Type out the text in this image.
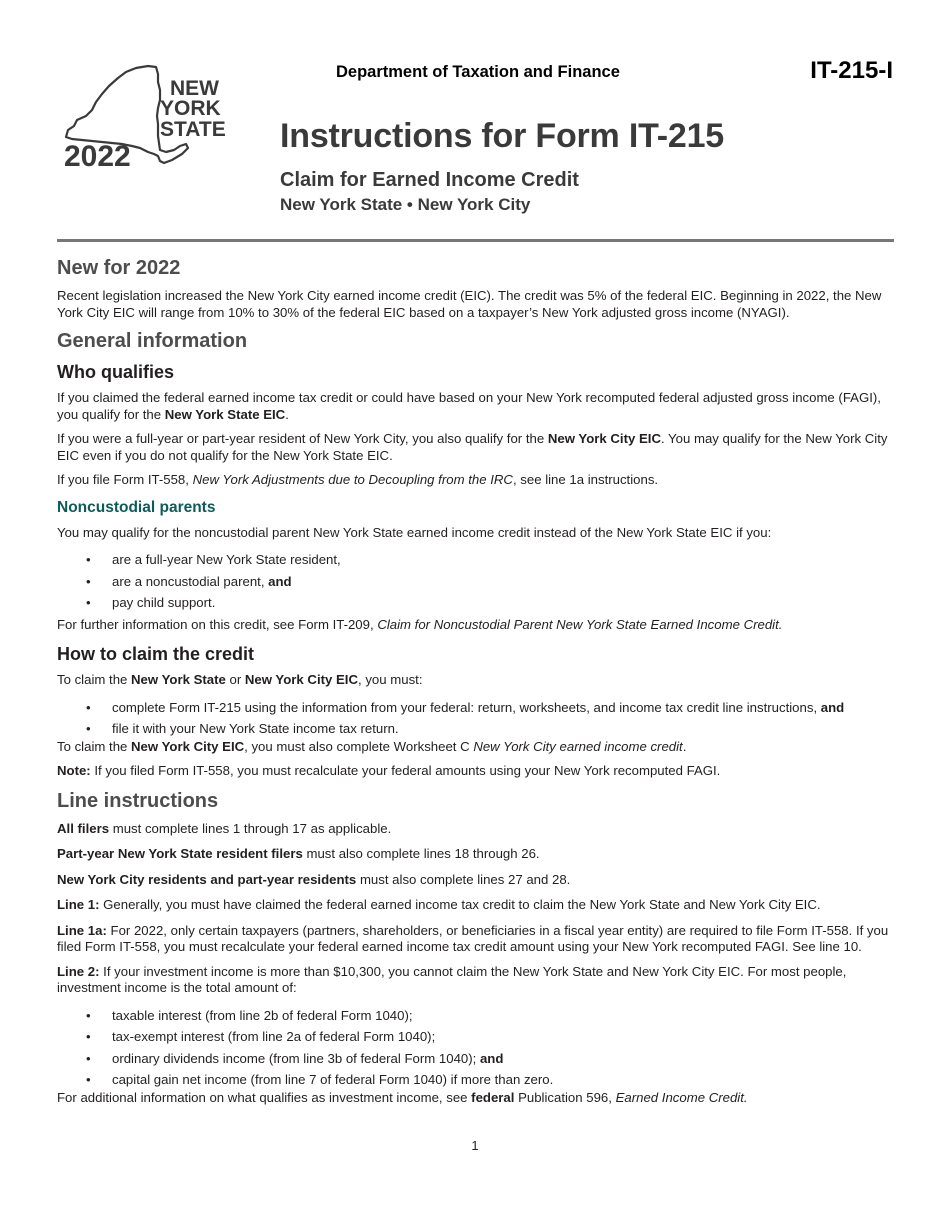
NEW
YORK
STATE
2022
Department of Taxation and Finance	IT-215-I
Instructions for Form IT-215
Claim for Earned Income Credit
New York State • New York City
New for 2022

Recent legislation increased the New York City earned income credit (EIC). The credit was 5% of the federal EIC. Beginning in 2022, the New York City EIC will range from 10% to 30% of the federal EIC based on a taxpayer’s New York adjusted gross income (NYAGI).

General information
Who qualifies

If you claimed the federal earned income tax credit or could have based on your New York recomputed federal adjusted gross income (FAGI), you qualify for the New York State EIC.

If you were a full-year or part-year resident of New York City, you also qualify for the New York City EIC. You may qualify for the New York City EIC even if you do not qualify for the New York State EIC.

If you file Form IT-558, New York Adjustments due to Decoupling from the IRC, see line 1a instructions.

Noncustodial parents

You may qualify for the noncustodial parent New York State earned income credit instead of the New York State EIC if you:

• are a full-year New York State resident,
• are a noncustodial parent, and
• pay child support.

For further information on this credit, see Form IT-209, Claim for Noncustodial Parent New York State Earned Income Credit.

How to claim the credit

To claim the New York State or New York City EIC, you must:

• complete Form IT-215 using the information from your federal: return, worksheets, and income tax credit line instructions, and
• file it with your New York State income tax return.

To claim the New York City EIC, you must also complete Worksheet C New York City earned income credit.

Note: If you filed Form IT-558, you must recalculate your federal amounts using your New York recomputed FAGI.

Line instructions

All filers must complete lines 1 through 17 as applicable.

Part-year New York State resident filers must also complete lines 18 through 26.

New York City residents and part-year residents must also complete lines 27 and 28.

Line 1: Generally, you must have claimed the federal earned income tax credit to claim the New York State and New York City EIC.

Line 1a: For 2022, only certain taxpayers (partners, shareholders, or beneficiaries in a fiscal year entity) are required to file Form IT-558. If you filed Form IT-558, you must recalculate your federal earned income tax credit amount using your New York recomputed FAGI. See line 10.

Line 2: If your investment income is more than $10,300, you cannot claim the New York State and New York City EIC. For most people, investment income is the total amount of:

• taxable interest (from line 2b of federal Form 1040);
• tax-exempt interest (from line 2a of federal Form 1040);
• ordinary dividends income (from line 3b of federal Form 1040); and
• capital gain net income (from line 7 of federal Form 1040) if more than zero.

For additional information on what qualifies as investment income, see federal Publication 596, Earned Income Credit.

1
